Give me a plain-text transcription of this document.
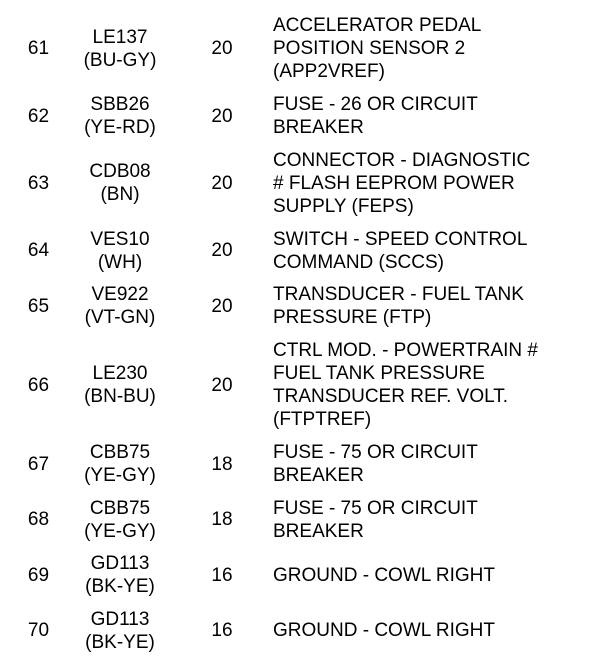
61
LE137
(BU-GY)
20
ACCELERATOR PEDAL
POSITION SENSOR 2
(APP2VREF)
62
SBB26
(YE-RD)
20
FUSE - 26 OR CIRCUIT
BREAKER
63
CDB08
(BN)
20
CONNECTOR - DIAGNOSTIC
# FLASH EEPROM POWER
SUPPLY (FEPS)
64
VES10
(WH)
20
SWITCH - SPEED CONTROL
COMMAND (SCCS)
65
VE922
(VT-GN)
20
TRANSDUCER - FUEL TANK
PRESSURE (FTP)
66
LE230
(BN-BU)
20
CTRL MOD. - POWERTRAIN #
FUEL TANK PRESSURE
TRANSDUCER REF. VOLT.
(FTPTREF)
67
CBB75
(YE-GY)
18
FUSE - 75 OR CIRCUIT
BREAKER
68
CBB75
(YE-GY)
18
FUSE - 75 OR CIRCUIT
BREAKER
69
GD113
(BK-YE)
16	GROUND - COWL RIGHT
70
GD113
(BK-YE)
16	GROUND - COWL RIGHT
